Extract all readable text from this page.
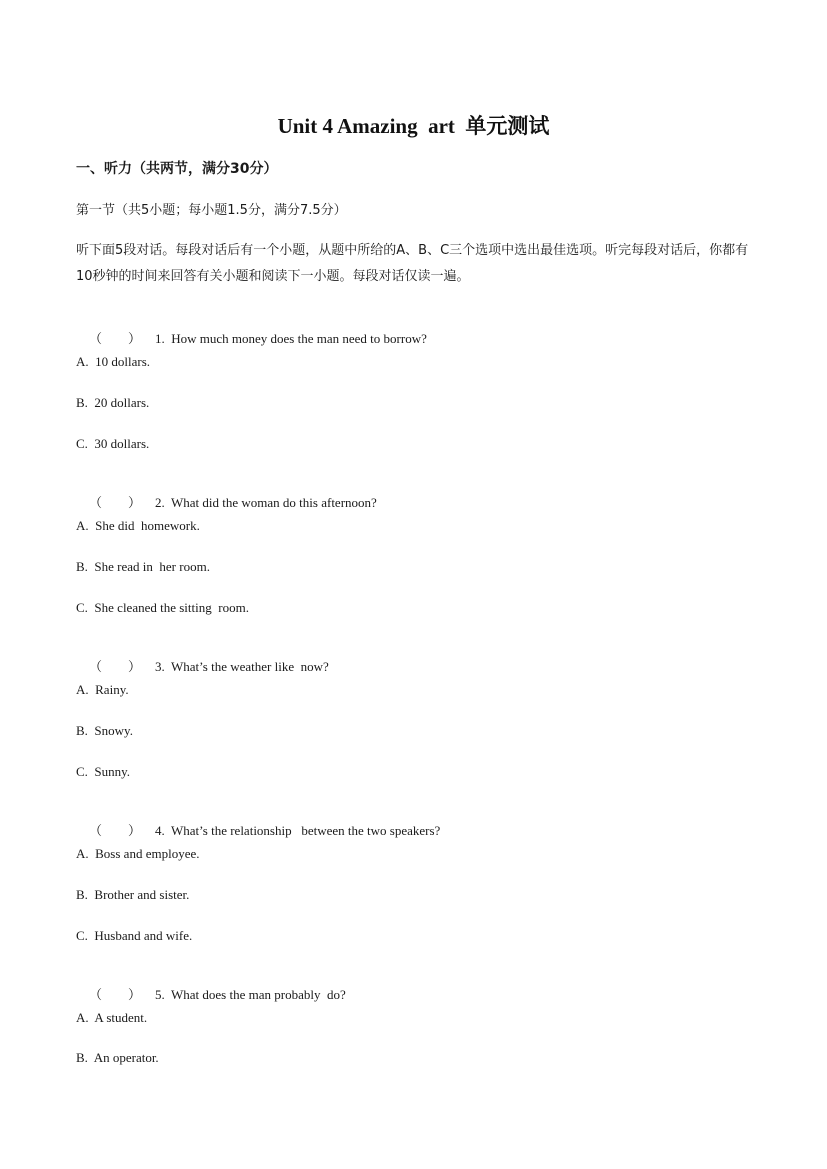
Unit 4 Amazing  art  单元测试
一、听力（共两节，满分30分）
第一节（共5小题；每小题1.5分，满分7.5分）
听下面5段对话。每段对话后有一个小题，从题中所给的A、B、C三个选项中选出最佳选项。听完每段对话后，你都有10秒钟的时间来回答有关小题和阅读下一小题。每段对话仅读一遍。

（        ） 1.  How much money does the man need to borrow?

A.  10 dollars.
B.  20 dollars.
C.  30 dollars.

（        ） 2.  What did the woman do this afternoon?

A.  She did  homework.
B.  She read in  her room.
C.  She cleaned the sitting  room.

（        ） 3.  What’s the weather like  now?

A.  Rainy.
B.  Snowy.
C.  Sunny.

（        ） 4.  What’s the relationship   between the two speakers?

A.  Boss and employee.
B.  Brother and sister.
C.  Husband and wife.

（        ） 5.  What does the man probably  do?

A.  A student.
B.  An operator.
